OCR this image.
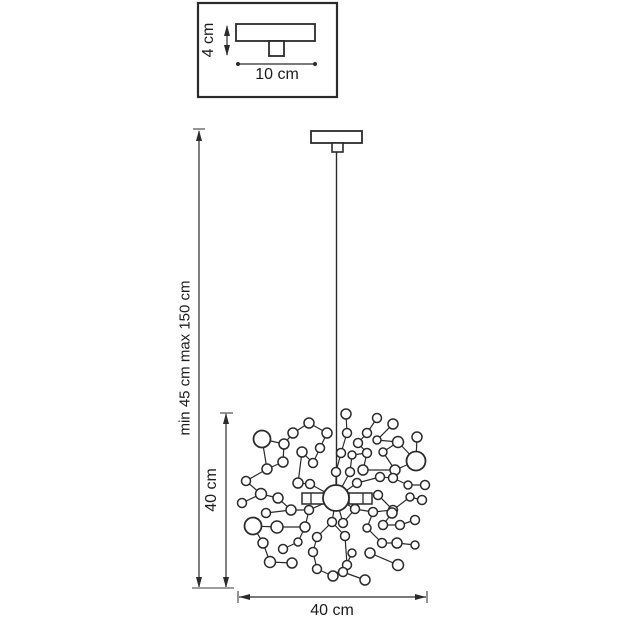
4 cm
10 cm
min 45 cm max 150 cm
40 cm
40 cm
